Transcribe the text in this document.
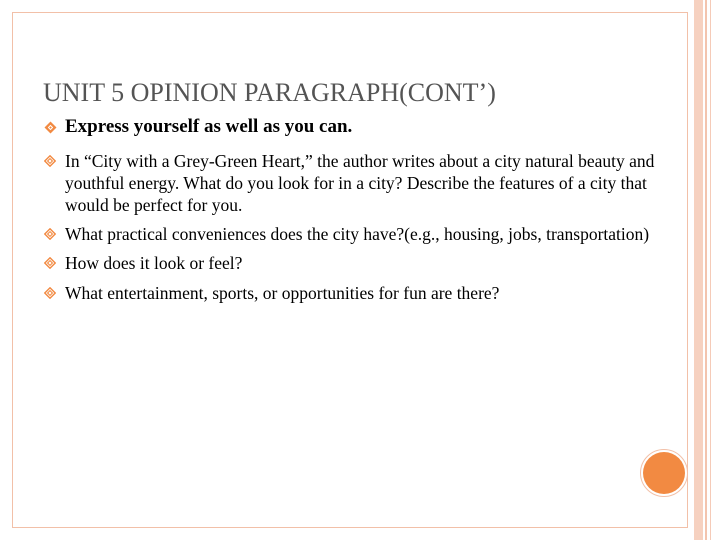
UNIT 5 OPINION PARAGRAPH(CONT’)
Express yourself as well as you can.
In “City with a Grey-Green Heart,” the author writes about a city natural beauty and youthful energy. What do you look for in a city? Describe the features of a city that would be perfect for you.
What practical conveniences does the city have?(e.g., housing, jobs, transportation)
How does it look or feel?
What entertainment, sports, or opportunities for fun are there?
